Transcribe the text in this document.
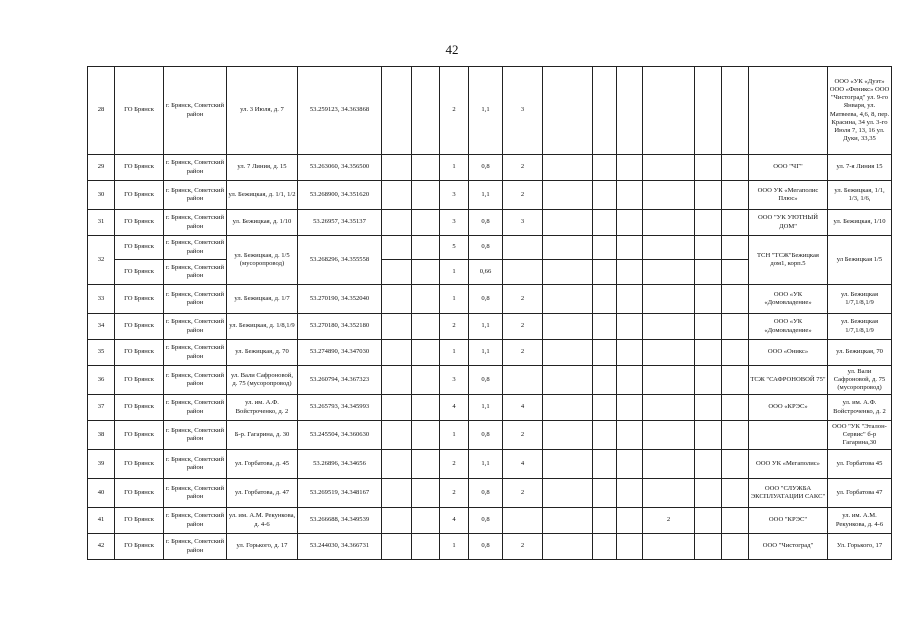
42
28	ГО Брянск	г. Брянск, Советский район	ул. 3 Июля, д. 7	53.259123, 34.363868			2	1,1	3								ООО «УК «Дуэт» ООО «Феникс» ООО "Чистоград" ул. 9-го Января, ул. Матвеева, 4,6, 8, пер. Красина, 34 ул. 3-го Июля 7, 13, 16 ул. Дуки, 33,35
29	ГО Брянск	г. Брянск, Советский район	ул. 7 Линия, д. 15	53.263060, 34.356500			1	0,8	2							ООО "ЧГ"	ул. 7-я Линия 15
30	ГО Брянск	г. Брянск, Советский район	ул. Бежицкая, д. 1/1, 1/2	53.268900, 34.351620			3	1,1	2							ООО УК «Мегаполис Плюс»	ул. Бежицкая, 1/1, 1/3, 1/6,
31	ГО Брянск	г. Брянск, Советский район	ул. Бежицкая, д. 1/10	53.26957, 34.35137			3	0,8	3							ООО "УК УЮТНЫЙ ДОМ"	ул. Бежицкая, 1/10
32	ГО Брянск	г. Брянск, Советский район	ул. Бежицкая, д. 1/5 (мусоропровод)	53.268296, 34.355558			5	0,8								ТСН "ТСЖ"Бежицкая дом1, корп.5	ул Бежицкая 1/5
	ГО Брянск	г. Брянск, Советский район					1	0,66									
33	ГО Брянск	г. Брянск, Советский район	ул. Бежицкая, д. 1/7	53.270190, 34.352040			1	0,8	2							ООО «УК «Домовладение»	ул. Бежицкая 1/7,1/8,1/9
34	ГО Брянск	г. Брянск, Советский район	ул. Бежицкая, д. 1/8,1/9	53.270180, 34.352180			2	1,1	2							ООО «УК «Домовладение»	ул. Бежицкая 1/7,1/8,1/9
35	ГО Брянск	г. Брянск, Советский район	ул. Бежицкая, д. 70	53.274890, 34.347030			1	1,1	2							ООО «Оникс»	ул. Бежицкая, 70
36	ГО Брянск	г. Брянск, Советский район	ул. Вали Сафроновой, д. 75 (мусоропровод)	53.260794, 34.367323			3	0,8								ТСЖ "САФРОНОВОЙ 75"	ул. Вали Сафроновой, д. 75 (мусоропровод)
37	ГО Брянск	г. Брянск, Советский район	ул. им. А.Ф. Войстроченко, д. 2	53.265793, 34.345993			4	1,1	4							ООО «КРЭС»	ул. им. А.Ф. Войстроченко, д. 2
38	ГО Брянск	г. Брянск, Советский район	Б-р. Гагарина, д. 30	53.245504, 34.360630			1	0,8	2								ООО "УК "Эталон-Сервис" б-р Гагарина,30
39	ГО Брянск	г. Брянск, Советский район	ул. Горбатова, д. 45	53.26896, 34.34656			2	1,1	4							ООО УК «Мегаполис»	ул. Горбатова 45
40	ГО Брянск	г. Брянск, Советский район	ул. Горбатова, д. 47	53.269519, 34.348167			2	0,8	2							ООО "СЛУЖБА ЭКСПЛУАТАЦИИ САКС"	ул. Горбатова 47
41	ГО Брянск	г. Брянск, Советский район	ул. им. А.М. Рекункова, д. 4-6	53.266688, 34.349539			4	0,8					2			ООО "КРЭС"	ул. им. А.М. Рекункова, д. 4-6
42	ГО Брянск	г. Брянск, Советский район	ул. Горького, д. 17	53.244030, 34.366731			1	0,8	2							ООО "Чистоград"	Ул. Горького, 17
